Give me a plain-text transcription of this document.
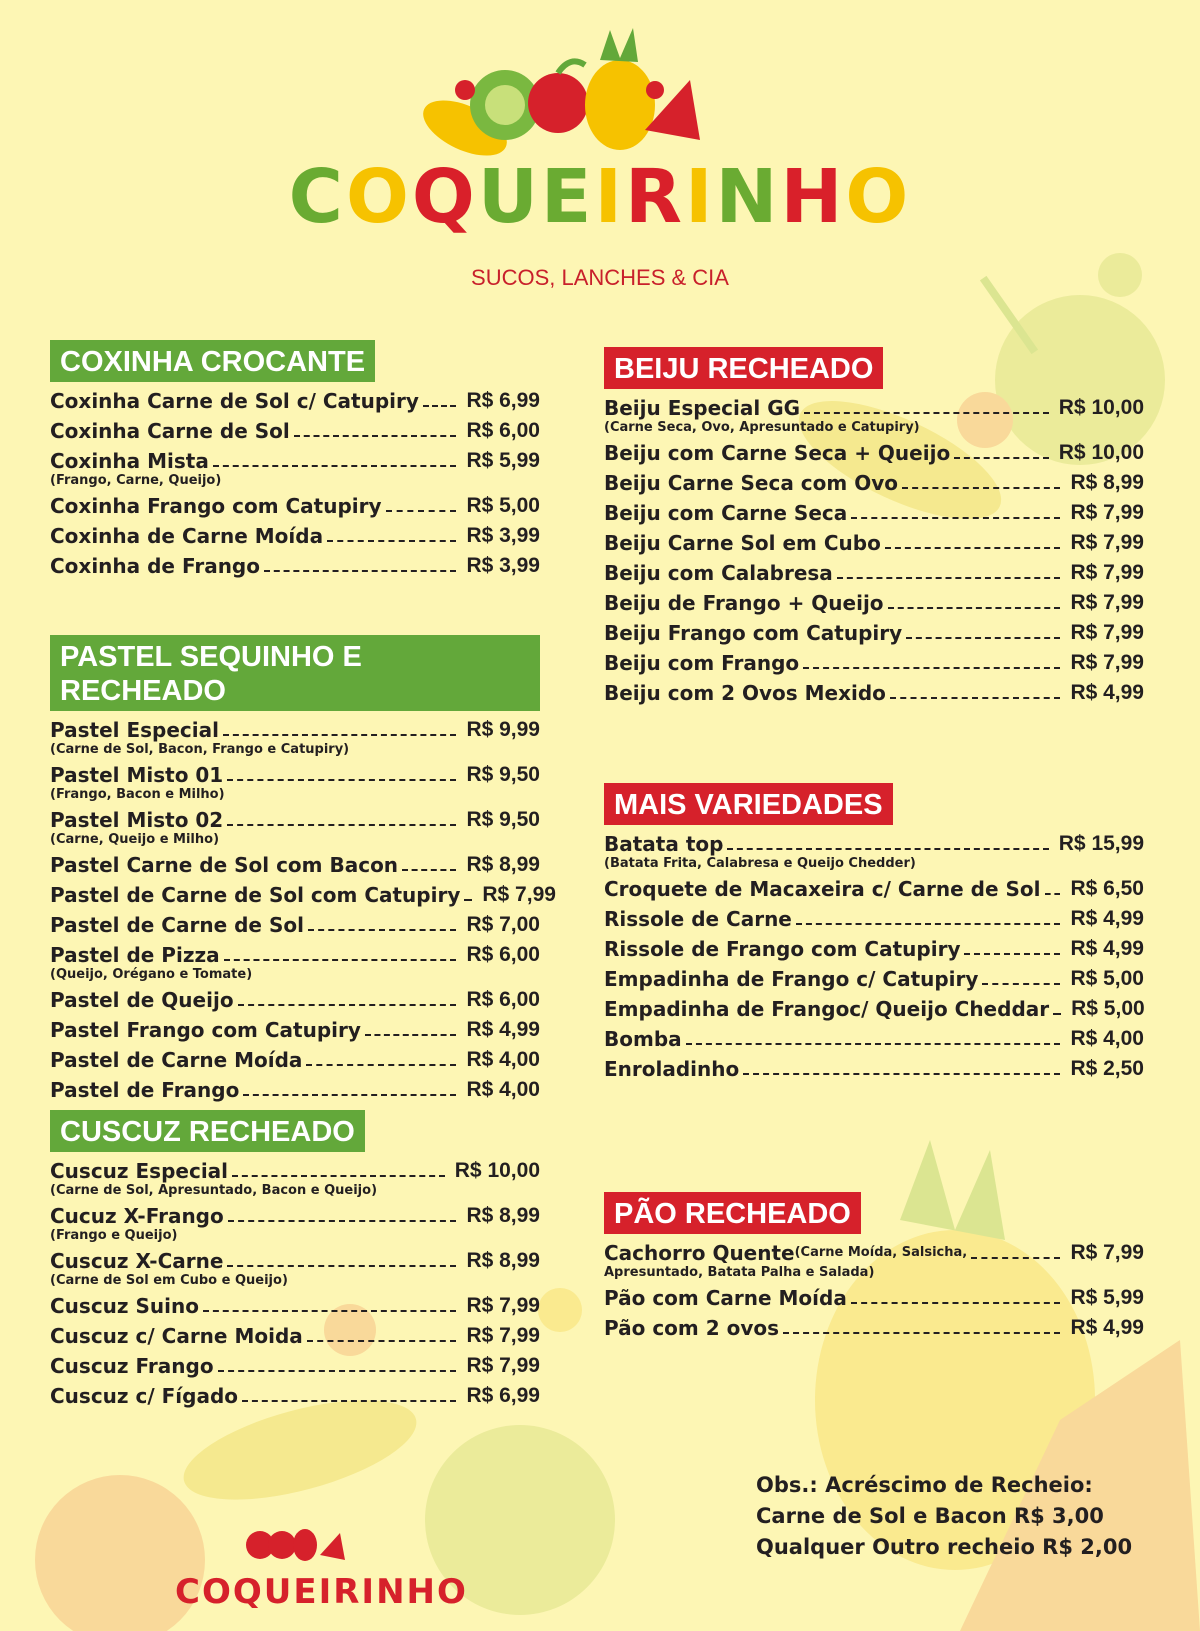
COQUEIRINHO
SUCOS, LANCHES & CIA
COXINHA CROCANTE
Coxinha Carne de Sol c/ Catupiry R$ 6,99
Coxinha Carne de Sol	R$ 6,00
Coxinha Mista	R$ 5,99
(Frango, Carne, Queijo)
Coxinha Frango com Catupiry	R$ 5,00
Coxinha de Carne Moída	R$ 3,99
Coxinha de Frango	R$ 3,99
PASTEL SEQUINHO E RECHEADO
Pastel Especial	R$ 9,99
(Carne de Sol, Bacon, Frango e Catupiry)
Pastel Misto 01	R$ 9,50
(Frango, Bacon e Milho)
Pastel Misto 02	R$ 9,50
(Carne, Queijo e Milho)
Pastel Carne de Sol com Bacon	R$ 8,99
Pastel de Carne de Sol com Catupiry R$ 7,99
Pastel de Carne de Sol	R$ 7,00
Pastel de Pizza	R$ 6,00
(Queijo, Orégano e Tomate)
Pastel de Queijo	R$ 6,00
Pastel Frango com Catupiry	R$ 4,99
Pastel de Carne Moída	R$ 4,00
Pastel de Frango	R$ 4,00
CUSCUZ RECHEADO
Cuscuz Especial	R$ 10,00
(Carne de Sol, Apresuntado, Bacon e Queijo)
Cucuz X-Frango	R$ 8,99
(Frango e Queijo)
Cuscuz X-Carne	R$ 8,99
(Carne de Sol em Cubo e Queijo)
Cuscuz Suino	R$ 7,99
Cuscuz c/ Carne Moida	R$ 7,99
Cuscuz Frango	R$ 7,99
Cuscuz c/ Fígado	R$ 6,99
BEIJU RECHEADO
Beiju Especial GG	R$ 10,00
(Carne Seca, Ovo, Apresuntado e Catupiry)
Beiju com Carne Seca + Queijo	R$ 10,00
Beiju Carne Seca com Ovo	R$ 8,99
Beiju com Carne Seca	R$ 7,99
Beiju Carne Sol em Cubo	R$ 7,99
Beiju com Calabresa	R$ 7,99
Beiju de Frango + Queijo	R$ 7,99
Beiju Frango com Catupiry	R$ 7,99
Beiju com Frango	R$ 7,99
Beiju com 2 Ovos Mexido	R$ 4,99
MAIS VARIEDADES
Batata top	R$ 15,99
(Batata Frita, Calabresa e Queijo Chedder)
Croquete de Macaxeira c/ Carne de Sol R$ 6,50
Rissole de Carne	R$ 4,99
Rissole de Frango com Catupiry	R$ 4,99
Empadinha de Frango c/ Catupiry	R$ 5,00
Empadinha de Frangoc/ Queijo Cheddar R$ 5,00
Bomba	R$ 4,00
Enroladinho	R$ 2,50
PÃO RECHEADO
Cachorro Quente (Carne Moída, Salsicha,	R$ 7,99
Apresuntado, Batata Palha e Salada)
Pão com Carne Moída	R$ 5,99
Pão com 2 ovos	R$ 4,99
Obs.: Acréscimo de Recheio:
Carne de Sol e Bacon R$ 3,00
Qualquer Outro recheio R$ 2,00
COQUEIRINHO
